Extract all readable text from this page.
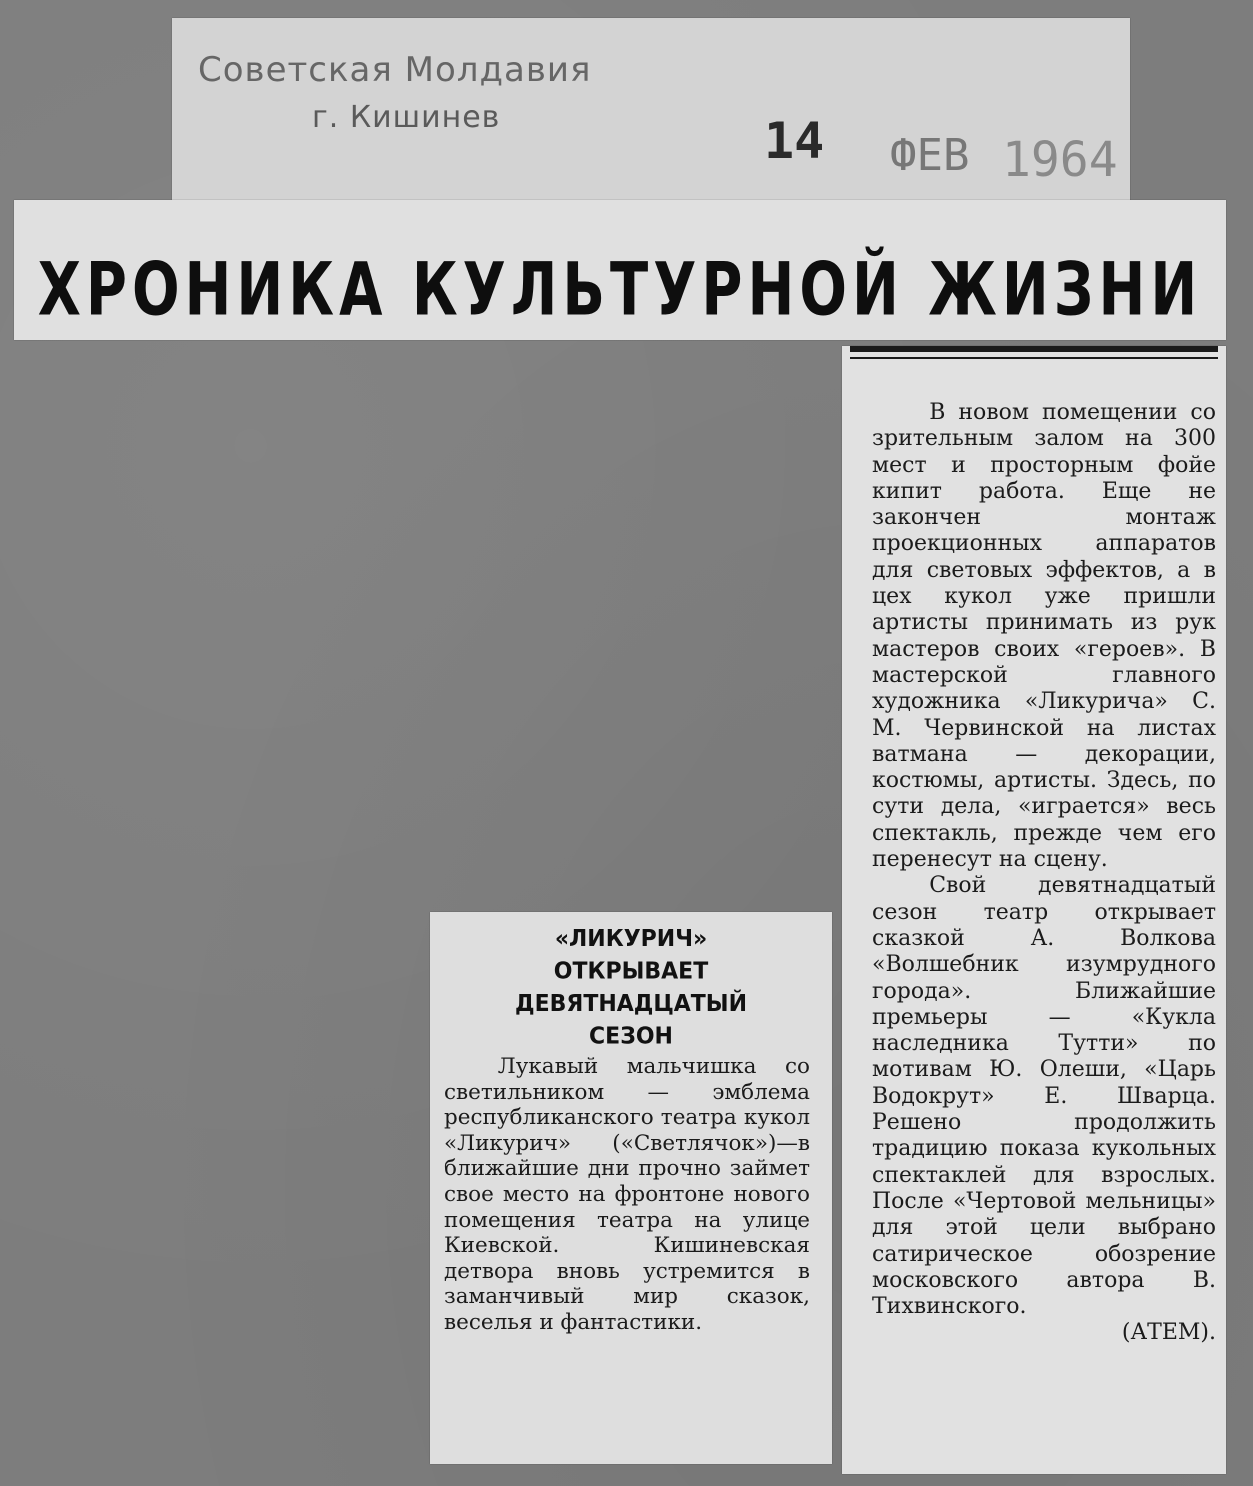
Советская Молдавия
г. Кишинев	14 ФЕВ 1964
ХРОНИКА КУЛЬТУРНОЙ ЖИЗНИ

В новом помещении со зрительным залом на 300 мест и просторным фойе кипит работа. Еще не закончен монтаж проекционных аппаратов для световых эффектов, а в цех кукол уже пришли артисты принимать из рук мастеров своих «героев». В мастерской главного художника «Ликурича» С. М. Червинской на листах ватмана — декорации, костюмы, артисты. Здесь, по сути дела, «играется» весь спектакль, прежде чем его перенесут на сцену.

Свой девятнадцатый сезон театр открывает сказкой А. Волкова «Волшебник изумрудного города». Ближайшие премьеры — «Кукла наследника Тутти» по мотивам Ю. Олеши, «Царь Водокрут» Е. Шварца. Решено продолжить традицию показа кукольных спектаклей для взрослых. После «Чертовой мельницы» для этой цели выбрано сатирическое обозрение московского автора В. Тихвинского.

(АТЕМ).

«ЛИКУРИЧ»
ОТКРЫВАЕТ
ДЕВЯТНАДЦАТЫЙ
СЕЗОН

Лукавый мальчишка со светильником — эмблема республиканского театра кукол «Ликурич» («Светлячок»)—в ближайшие дни прочно займет свое место на фронтоне нового помещения театра на улице Киевской. Кишиневская детвора вновь устремится в заманчивый мир сказок, веселья и фантастики.
